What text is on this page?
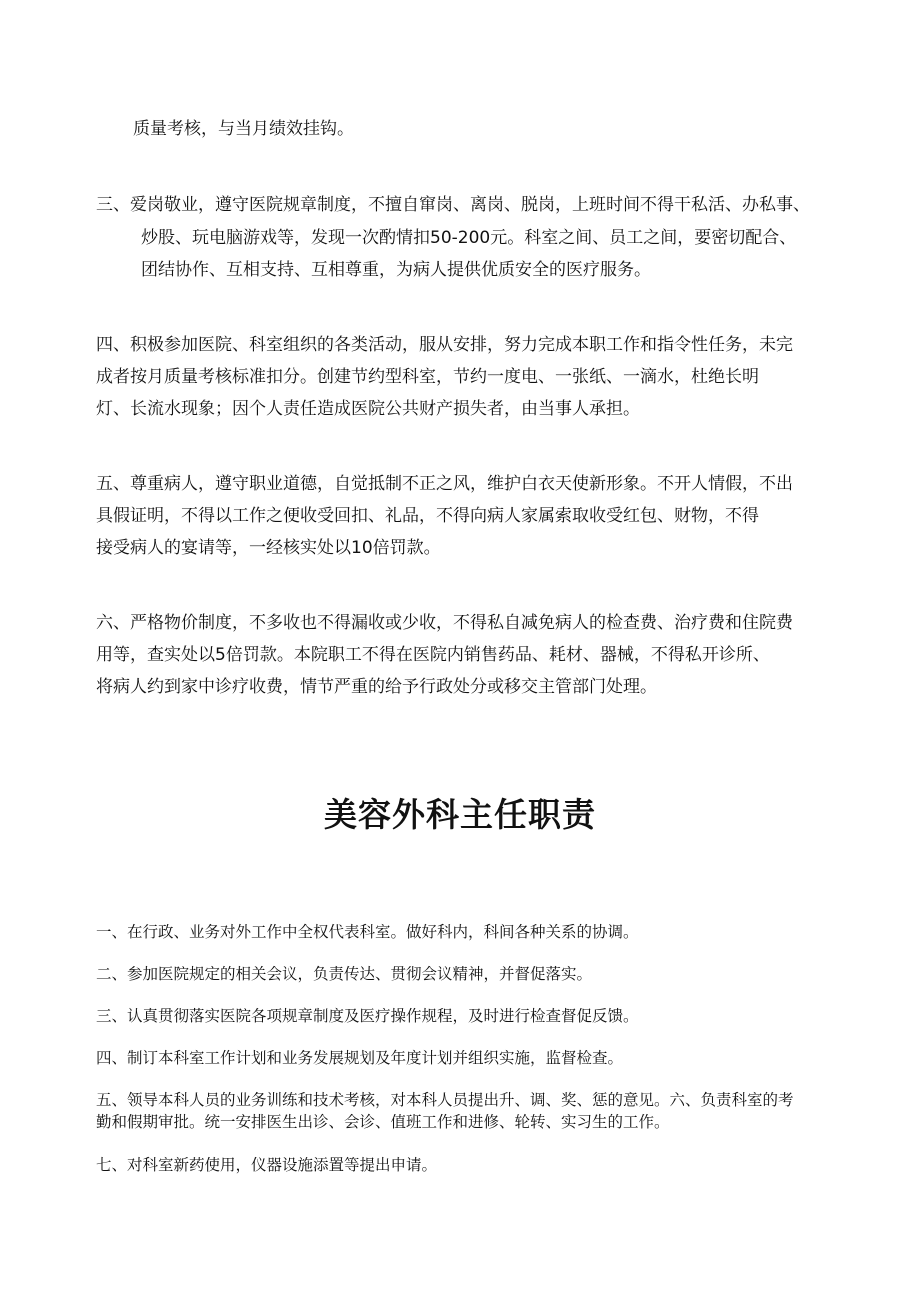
质量考核，与当月绩效挂钩。

三、爱岗敬业，遵守医院规章制度，不擅自窜岗、离岗、脱岗，上班时间不得干私活、办私事、

炒股、玩电脑游戏等，发现一次酌情扣50-200元。科室之间、员工之间，要密切配合、

团结协作、互相支持、互相尊重，为病人提供优质安全的医疗服务。

四、积极参加医院、科室组织的各类活动，服从安排，努力完成本职工作和指令性任务，未完

成者按月质量考核标准扣分。创建节约型科室，节约一度电、一张纸、一滴水，杜绝长明

灯、长流水现象；因个人责任造成医院公共财产损失者，由当事人承担。

五、尊重病人，遵守职业道德，自觉抵制不正之风，维护白衣天使新形象。不开人情假，不出

具假证明，不得以工作之便收受回扣、礼品，不得向病人家属索取收受红包、财物，不得

接受病人的宴请等，一经核实处以10倍罚款。

六、严格物价制度，不多收也不得漏收或少收，不得私自减免病人的检查费、治疗费和住院费

用等，查实处以5倍罚款。本院职工不得在医院内销售药品、耗材、器械，不得私开诊所、

将病人约到家中诊疗收费，情节严重的给予行政处分或移交主管部门处理。

美容外科主任职责

一、在行政、业务对外工作中全权代表科室。做好科内，科间各种关系的协调。

二、参加医院规定的相关会议，负责传达、贯彻会议精神，并督促落实。

三、认真贯彻落实医院各项规章制度及医疗操作规程，及时进行检查督促反馈。

四、制订本科室工作计划和业务发展规划及年度计划并组织实施，监督检查。

五、领导本科人员的业务训练和技术考核，对本科人员提出升、调、奖、惩的意见。六、负责科室的考

勤和假期审批。统一安排医生出诊、会诊、值班工作和进修、轮转、实习生的工作。

七、对科室新药使用，仪器设施添置等提出申请。
